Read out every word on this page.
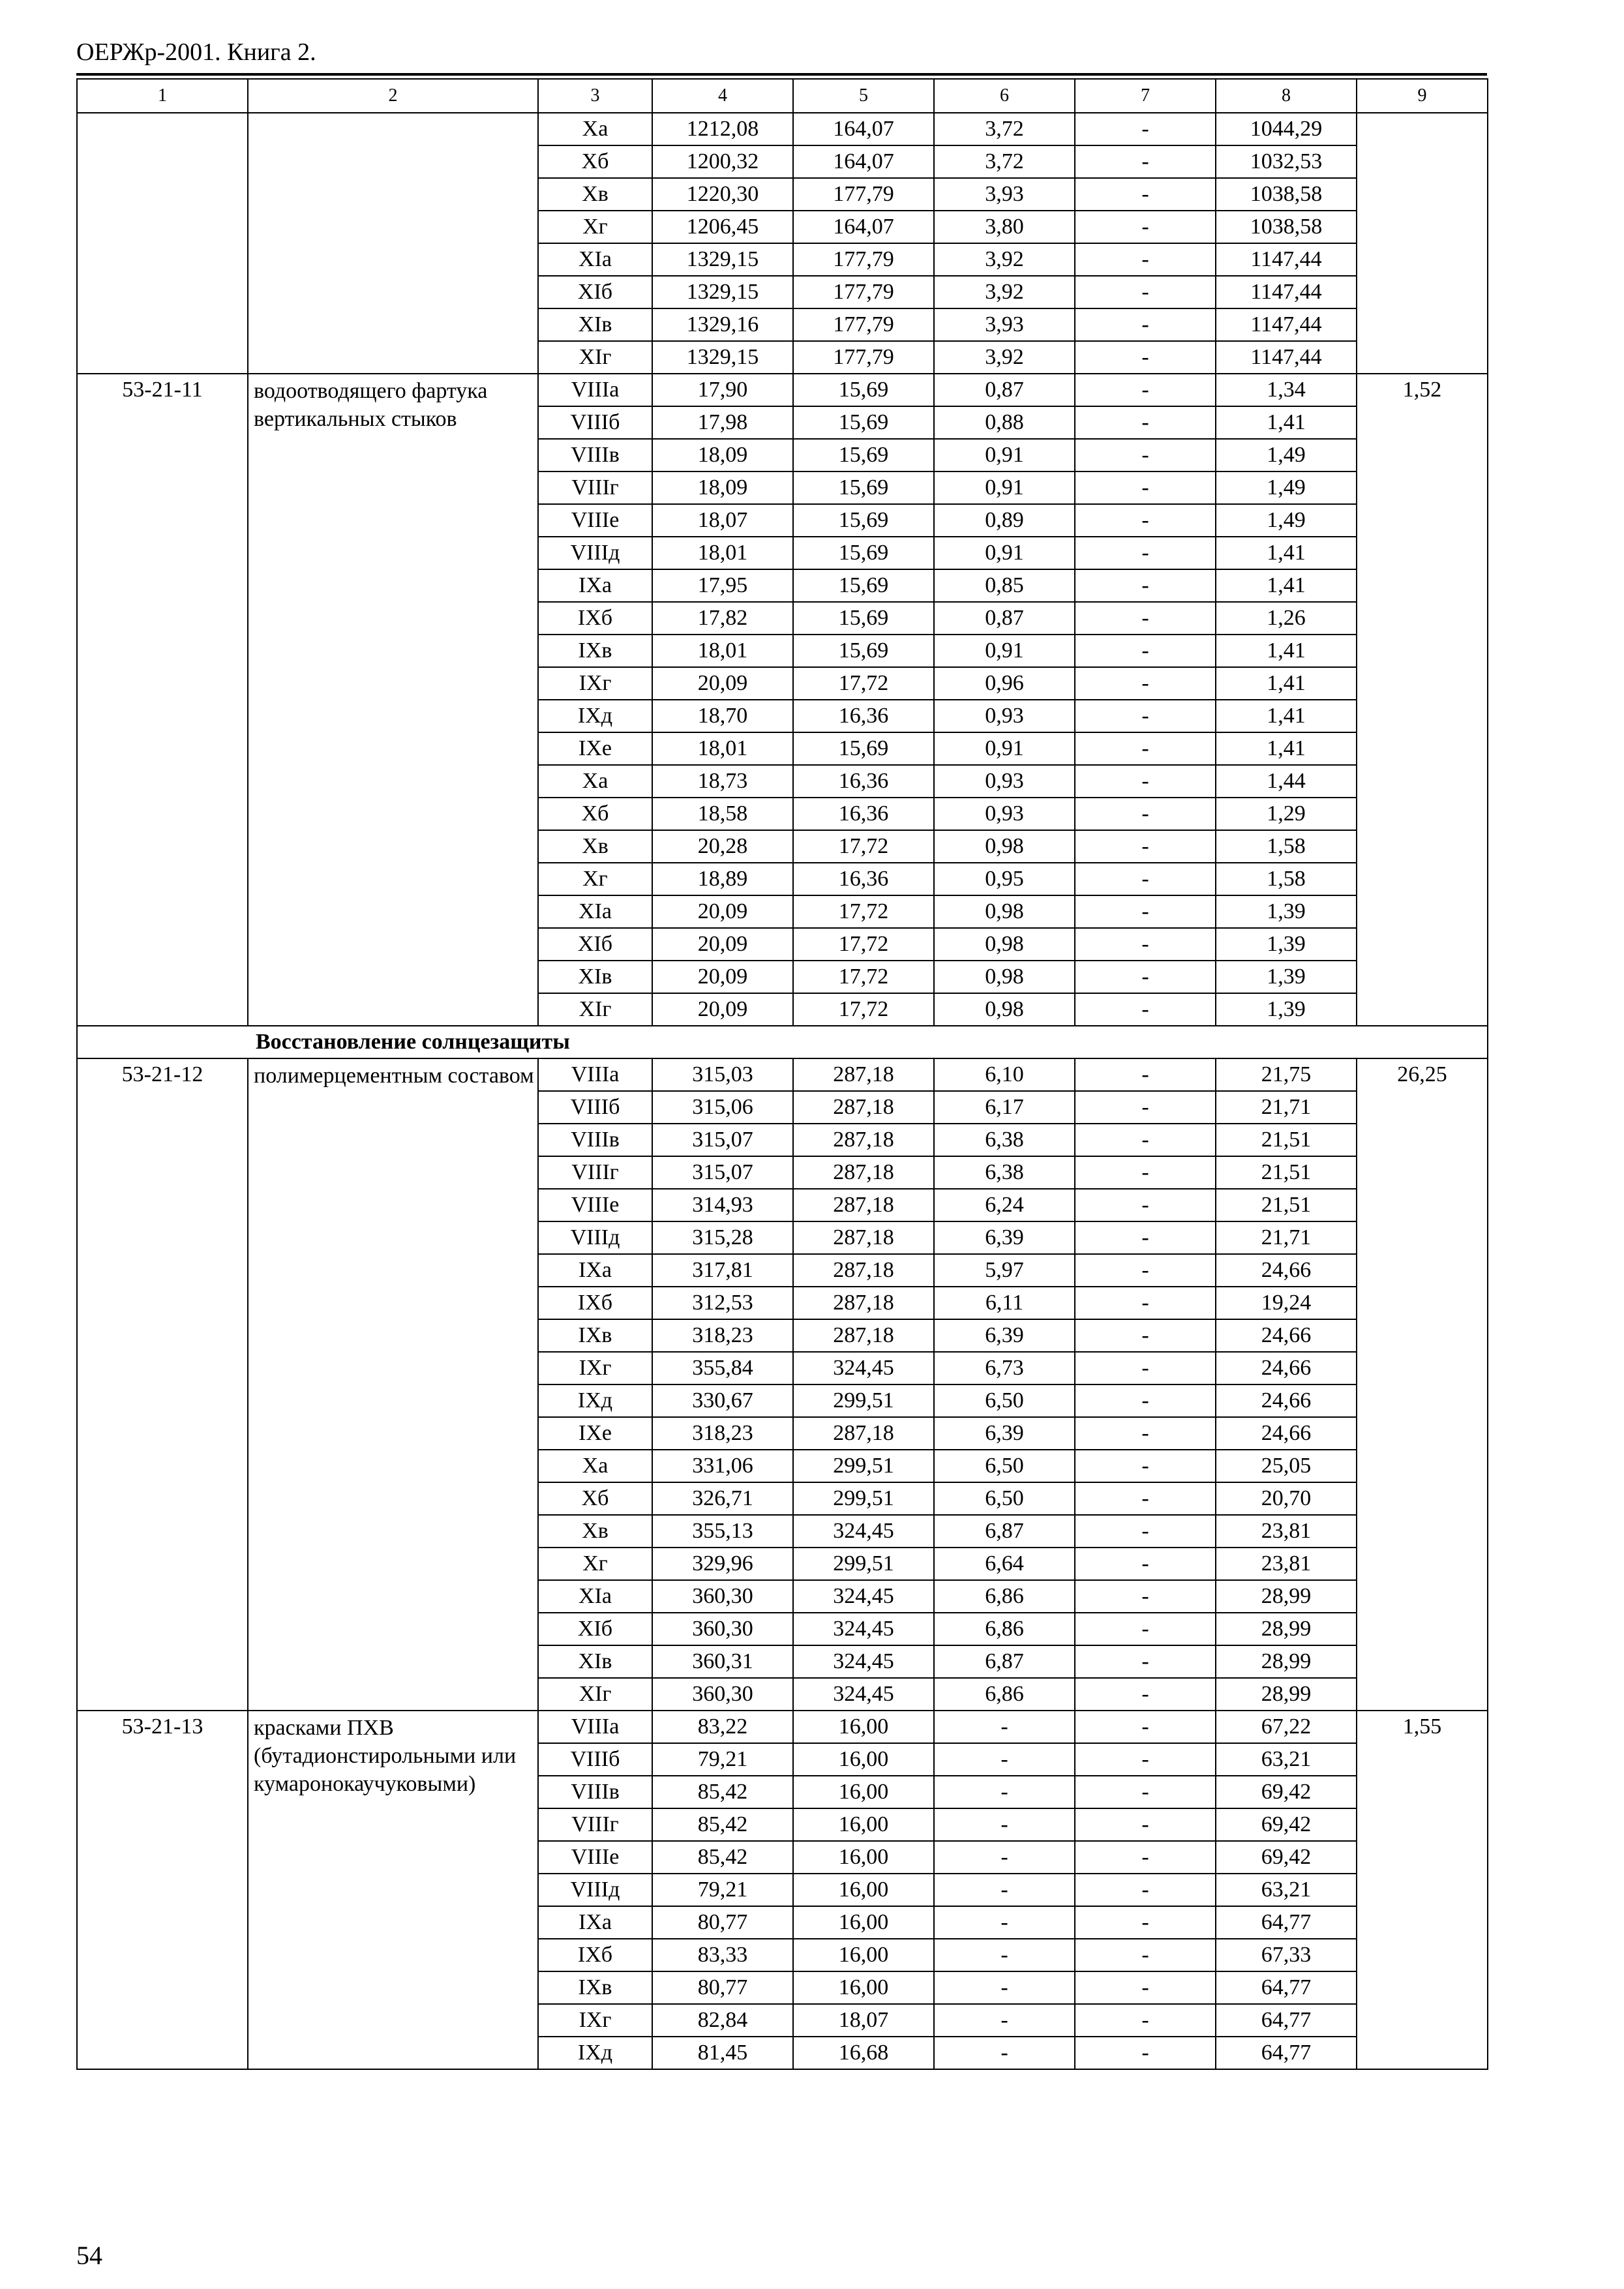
ОЕРЖр-2001. Книга 2.
1	2	3	4	5	6	7	8	9
		Xa	1212,08	164,07	3,72	-	1044,29	
		Xб	1200,32	164,07	3,72	-	1032,53	
		Xв	1220,30	177,79	3,93	-	1038,58	
		Xг	1206,45	164,07	3,80	-	1038,58	
		XIa	1329,15	177,79	3,92	-	1147,44	
		XIб	1329,15	177,79	3,92	-	1147,44	
		XIв	1329,16	177,79	3,93	-	1147,44	
		XIг	1329,15	177,79	3,92	-	1147,44	
53-21-11	водоотводящего фартука вертикальных стыков	VIIIa	17,90	15,69	0,87	-	1,34	1,52
		VIIIб	17,98	15,69	0,88	-	1,41	
		VIIIв	18,09	15,69	0,91	-	1,49	
		VIIIг	18,09	15,69	0,91	-	1,49	
		VIIIe	18,07	15,69	0,89	-	1,49	
		VIIIд	18,01	15,69	0,91	-	1,41	
		IXa	17,95	15,69	0,85	-	1,41	
		IXб	17,82	15,69	0,87	-	1,26	
		IXв	18,01	15,69	0,91	-	1,41	
		IXг	20,09	17,72	0,96	-	1,41	
		IXд	18,70	16,36	0,93	-	1,41	
		IXe	18,01	15,69	0,91	-	1,41	
		Xa	18,73	16,36	0,93	-	1,44	
		Xб	18,58	16,36	0,93	-	1,29	
		Xв	20,28	17,72	0,98	-	1,58	
		Xг	18,89	16,36	0,95	-	1,58	
		XIa	20,09	17,72	0,98	-	1,39	
		XIб	20,09	17,72	0,98	-	1,39	
		XIв	20,09	17,72	0,98	-	1,39	
		XIг	20,09	17,72	0,98	-	1,39	
Восстановление солнцезащиты								
53-21-12	полимерцементным составом	VIIIa	315,03	287,18	6,10	-	21,75	26,25
		VIIIб	315,06	287,18	6,17	-	21,71	
		VIIIв	315,07	287,18	6,38	-	21,51	
		VIIIг	315,07	287,18	6,38	-	21,51	
		VIIIe	314,93	287,18	6,24	-	21,51	
		VIIIд	315,28	287,18	6,39	-	21,71	
		IXa	317,81	287,18	5,97	-	24,66	
		IXб	312,53	287,18	6,11	-	19,24	
		IXв	318,23	287,18	6,39	-	24,66	
		IXг	355,84	324,45	6,73	-	24,66	
		IXд	330,67	299,51	6,50	-	24,66	
		IXe	318,23	287,18	6,39	-	24,66	
		Xa	331,06	299,51	6,50	-	25,05	
		Xб	326,71	299,51	6,50	-	20,70	
		Xв	355,13	324,45	6,87	-	23,81	
		Xг	329,96	299,51	6,64	-	23,81	
		XIa	360,30	324,45	6,86	-	28,99	
		XIб	360,30	324,45	6,86	-	28,99	
		XIв	360,31	324,45	6,87	-	28,99	
		XIг	360,30	324,45	6,86	-	28,99	
53-21-13	красками ПХВ (бутадионстирольными или кумаронокаучуковыми)	VIIIa	83,22	16,00	-	-	67,22	1,55
		VIIIб	79,21	16,00	-	-	63,21	
		VIIIв	85,42	16,00	-	-	69,42	
		VIIIг	85,42	16,00	-	-	69,42	
		VIIIe	85,42	16,00	-	-	69,42	
		VIIIд	79,21	16,00	-	-	63,21	
		IXa	80,77	16,00	-	-	64,77	
		IXб	83,33	16,00	-	-	67,33	
		IXв	80,77	16,00	-	-	64,77	
		IXг	82,84	18,07	-	-	64,77	
		IXд	81,45	16,68	-	-	64,77	
54
